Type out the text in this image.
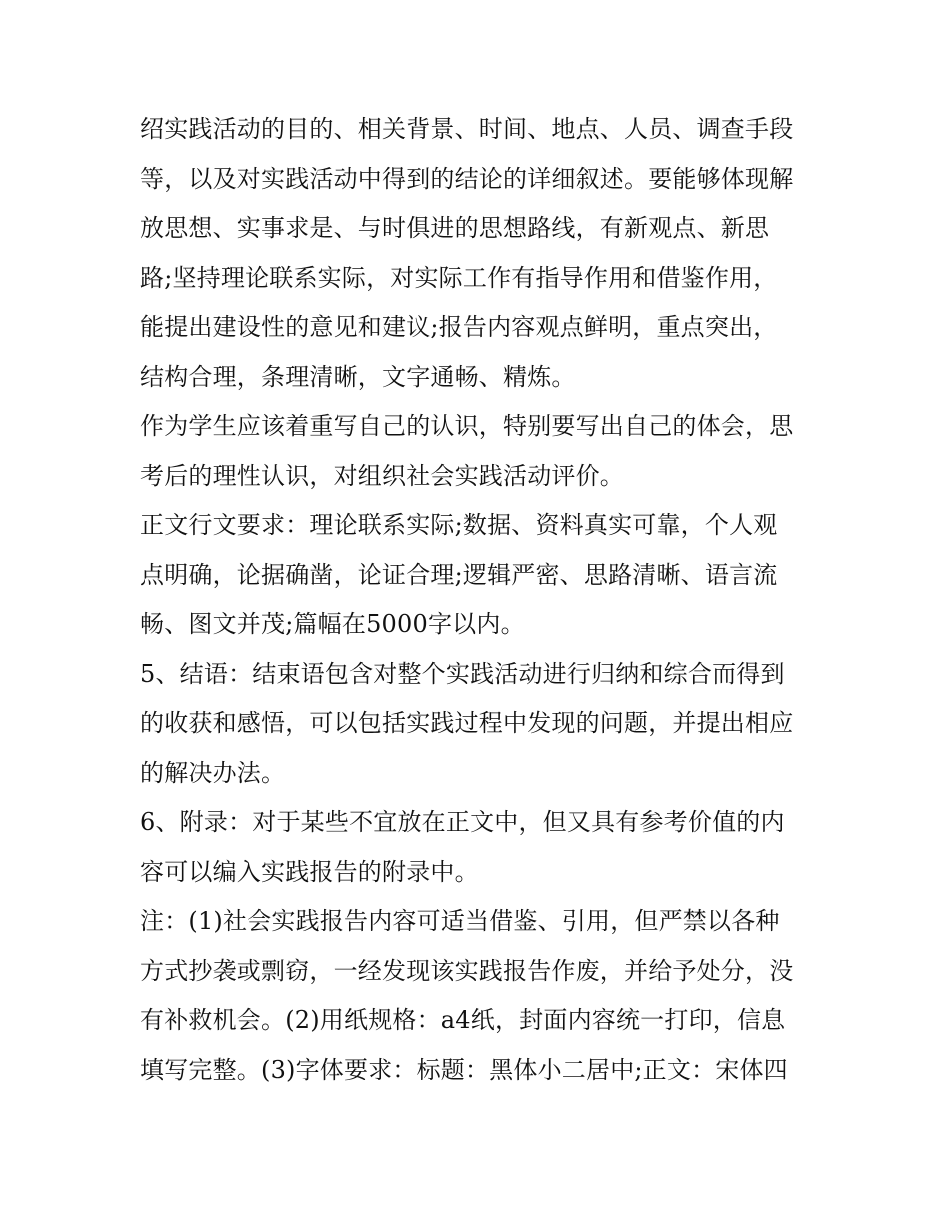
绍实践活动的目的、相关背景、时间、地点、人员、调查手段
等，以及对实践活动中得到的结论的详细叙述。要能够体现解
放思想、实事求是、与时俱进的思想路线，有新观点、新思
路;坚持理论联系实际，对实际工作有指导作用和借鉴作用，
能提出建设性的意见和建议;报告内容观点鲜明，重点突出，
结构合理，条理清晰，文字通畅、精炼。
作为学生应该着重写自己的认识，特别要写出自己的体会，思
考后的理性认识，对组织社会实践活动评价。
正文行文要求：理论联系实际;数据、资料真实可靠，个人观
点明确，论据确凿，论证合理;逻辑严密、思路清晰、语言流
畅、图文并茂;篇幅在5000字以内。
5、结语：结束语包含对整个实践活动进行归纳和综合而得到
的收获和感悟，可以包括实践过程中发现的问题，并提出相应
的解决办法。
6、附录：对于某些不宜放在正文中，但又具有参考价值的内
容可以编入实践报告的附录中。
注：(1)社会实践报告内容可适当借鉴、引用，但严禁以各种
方式抄袭或剽窃，一经发现该实践报告作废，并给予处分，没
有补救机会。(2)用纸规格：a4纸，封面内容统一打印，信息
填写完整。(3)字体要求：标题：黑体小二居中;正文：宋体四
